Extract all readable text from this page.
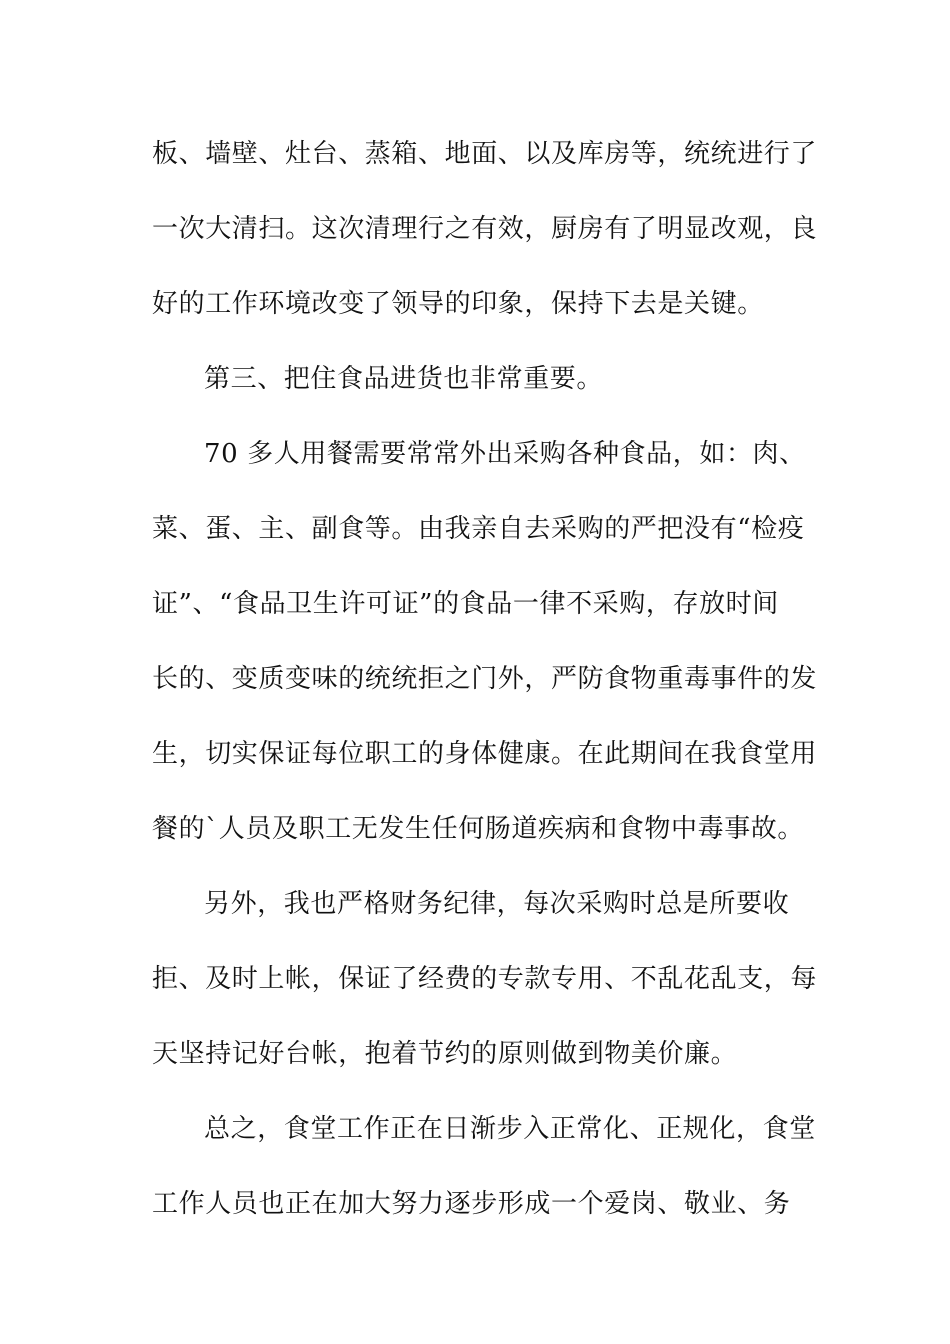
板、墙壁、灶台、蒸箱、地面、以及库房等，统统进行了
一次大清扫。这次清理行之有效，厨房有了明显改观，良
好的工作环境改变了领导的印象，保持下去是关键。
第三、把住食品进货也非常重要。
70 多人用餐需要常常外出采购各种食品，如：肉、
菜、蛋、主、副食等。由我亲自去采购的严把没有“检疫
证”、“食品卫生许可证”的食品一律不采购，存放时间
长的、变质变味的统统拒之门外，严防食物重毒事件的发
生，切实保证每位职工的身体健康。在此期间在我食堂用
餐的`人员及职工无发生任何肠道疾病和食物中毒事故。
另外，我也严格财务纪律，每次采购时总是所要收
拒、及时上帐，保证了经费的专款专用、不乱花乱支，每
天坚持记好台帐，抱着节约的原则做到物美价廉。
总之，食堂工作正在日渐步入正常化、正规化，食堂
工作人员也正在加大努力逐步形成一个爱岗、敬业、务
